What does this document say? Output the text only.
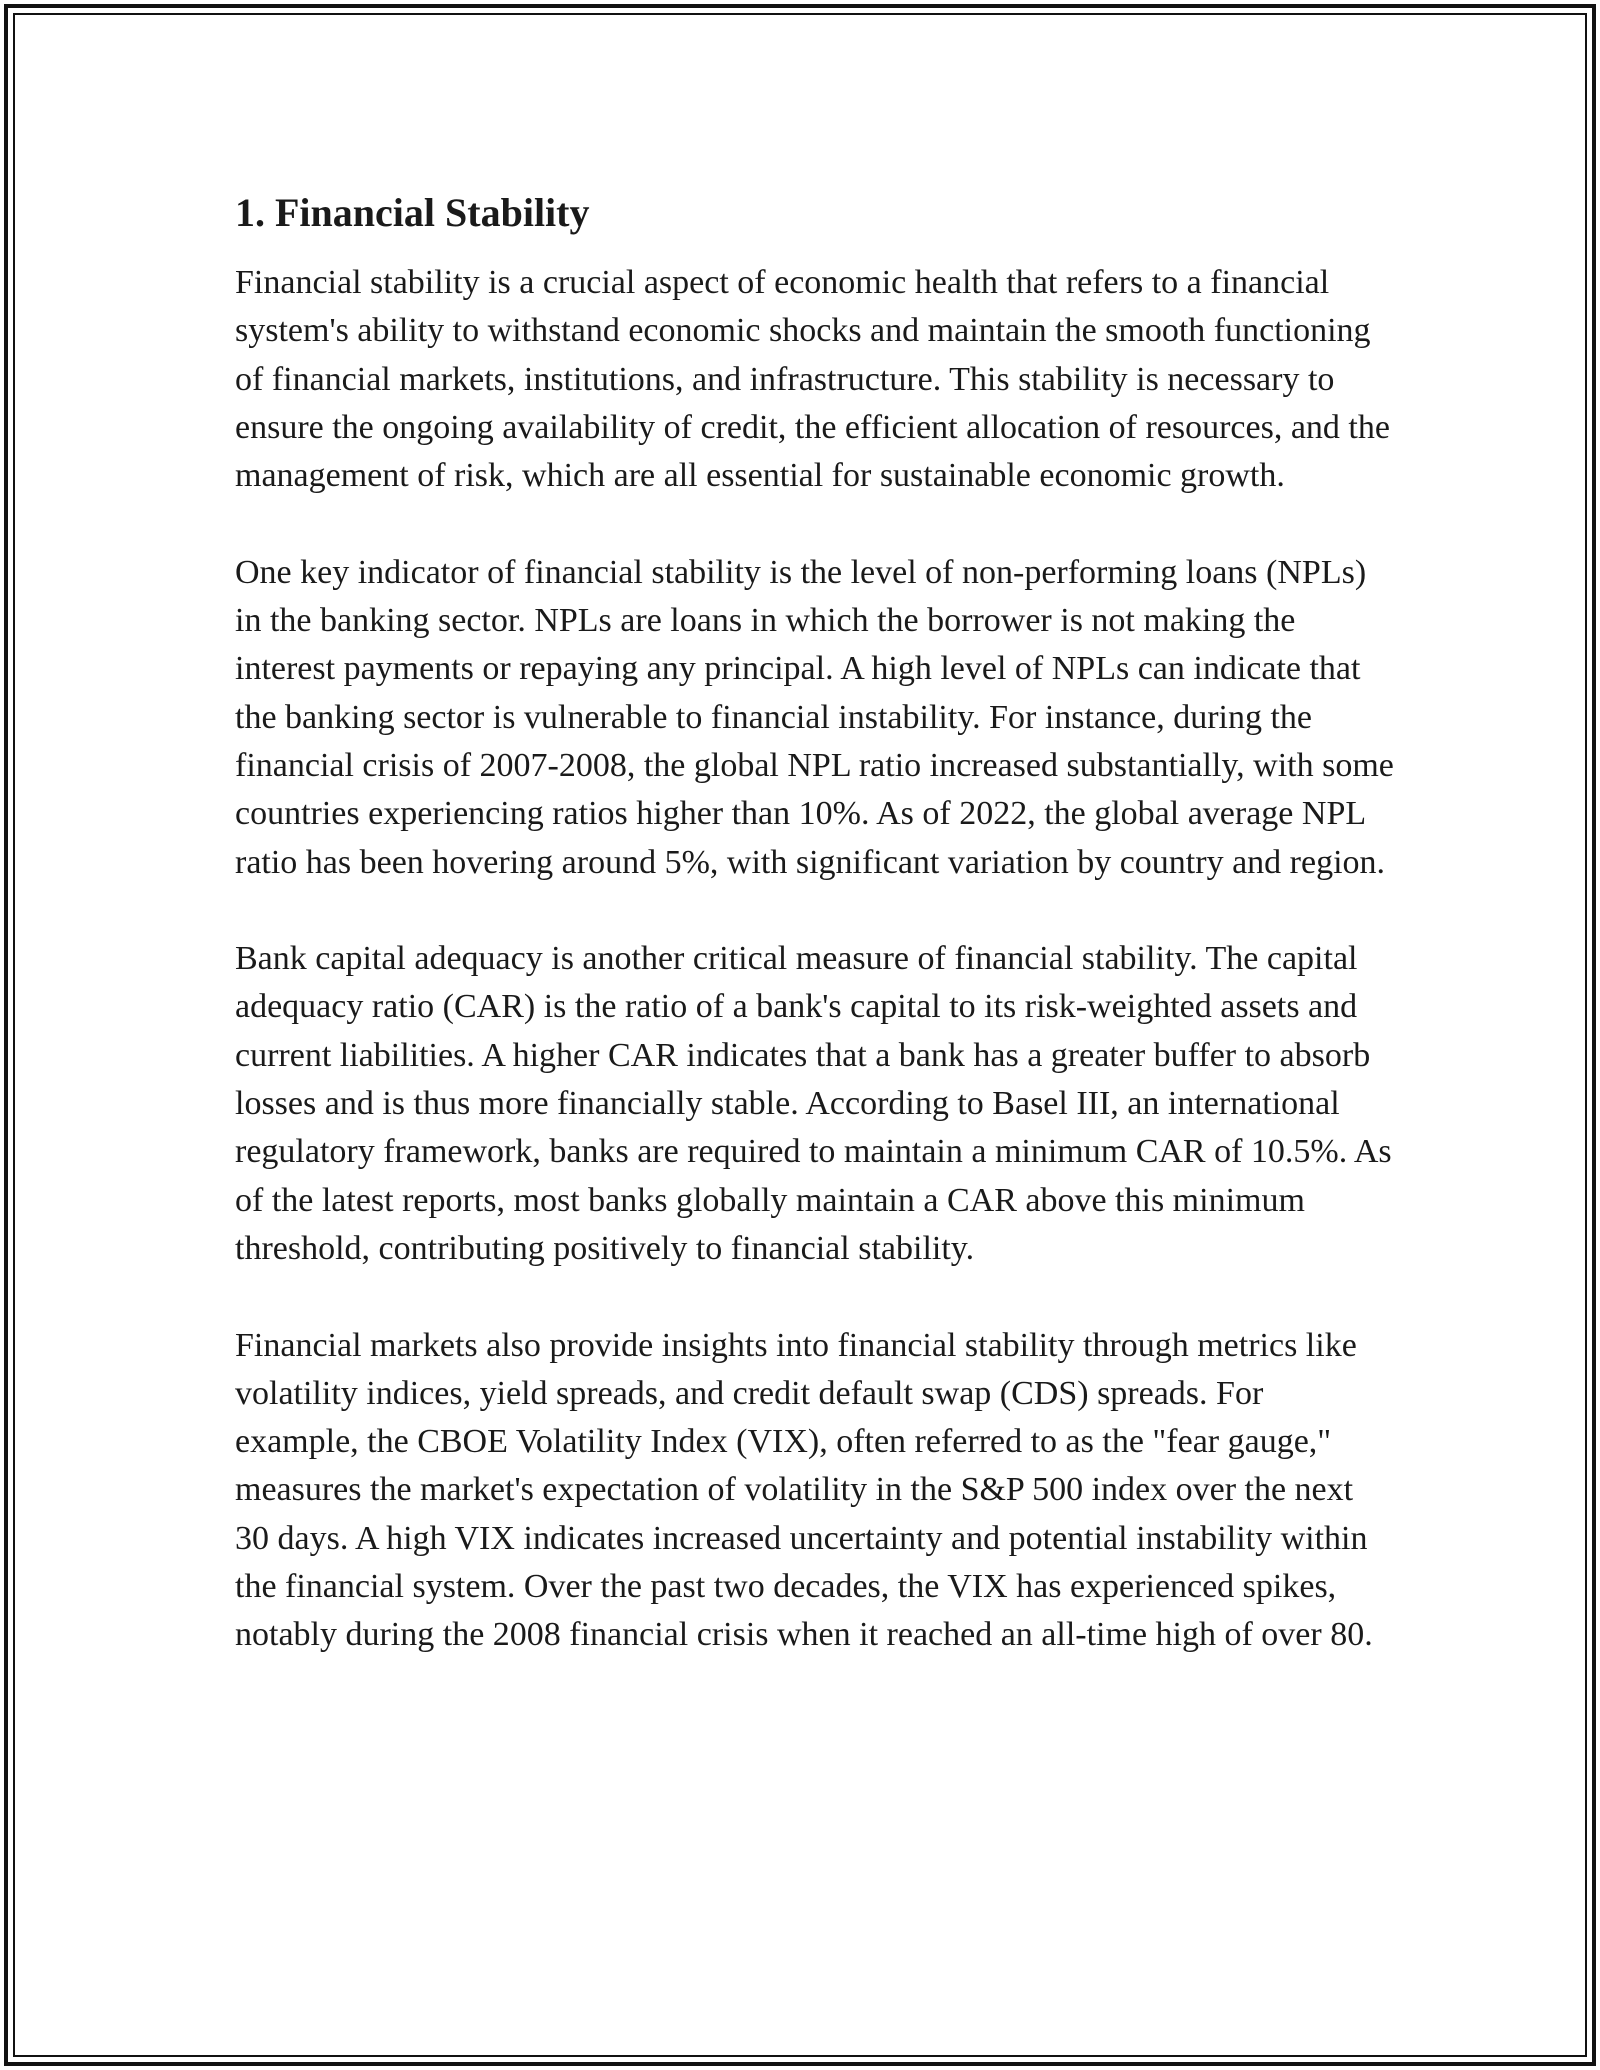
1. Financial Stability

Financial stability is a crucial aspect of economic health that refers to a financial system's ability to withstand economic shocks and maintain the smooth functioning of financial markets, institutions, and infrastructure. This stability is necessary to ensure the ongoing availability of credit, the efficient allocation of resources, and the management of risk, which are all essential for sustainable economic growth.

One key indicator of financial stability is the level of non-performing loans (NPLs) in the banking sector. NPLs are loans in which the borrower is not making the interest payments or repaying any principal. A high level of NPLs can indicate that the banking sector is vulnerable to financial instability. For instance, during the financial crisis of 2007-2008, the global NPL ratio increased substantially, with some countries experiencing ratios higher than 10%. As of 2022, the global average NPL ratio has been hovering around 5%, with significant variation by country and region.

Bank capital adequacy is another critical measure of financial stability. The capital adequacy ratio (CAR) is the ratio of a bank's capital to its risk-weighted assets and current liabilities. A higher CAR indicates that a bank has a greater buffer to absorb losses and is thus more financially stable. According to Basel III, an international regulatory framework, banks are required to maintain a minimum CAR of 10.5%. As of the latest reports, most banks globally maintain a CAR above this minimum threshold, contributing positively to financial stability.

Financial markets also provide insights into financial stability through metrics like volatility indices, yield spreads, and credit default swap (CDS) spreads. For example, the CBOE Volatility Index (VIX), often referred to as the "fear gauge," measures the market's expectation of volatility in the S&P 500 index over the next 30 days. A high VIX indicates increased uncertainty and potential instability within the financial system. Over the past two decades, the VIX has experienced spikes, notably during the 2008 financial crisis when it reached an all-time high of over 80.
